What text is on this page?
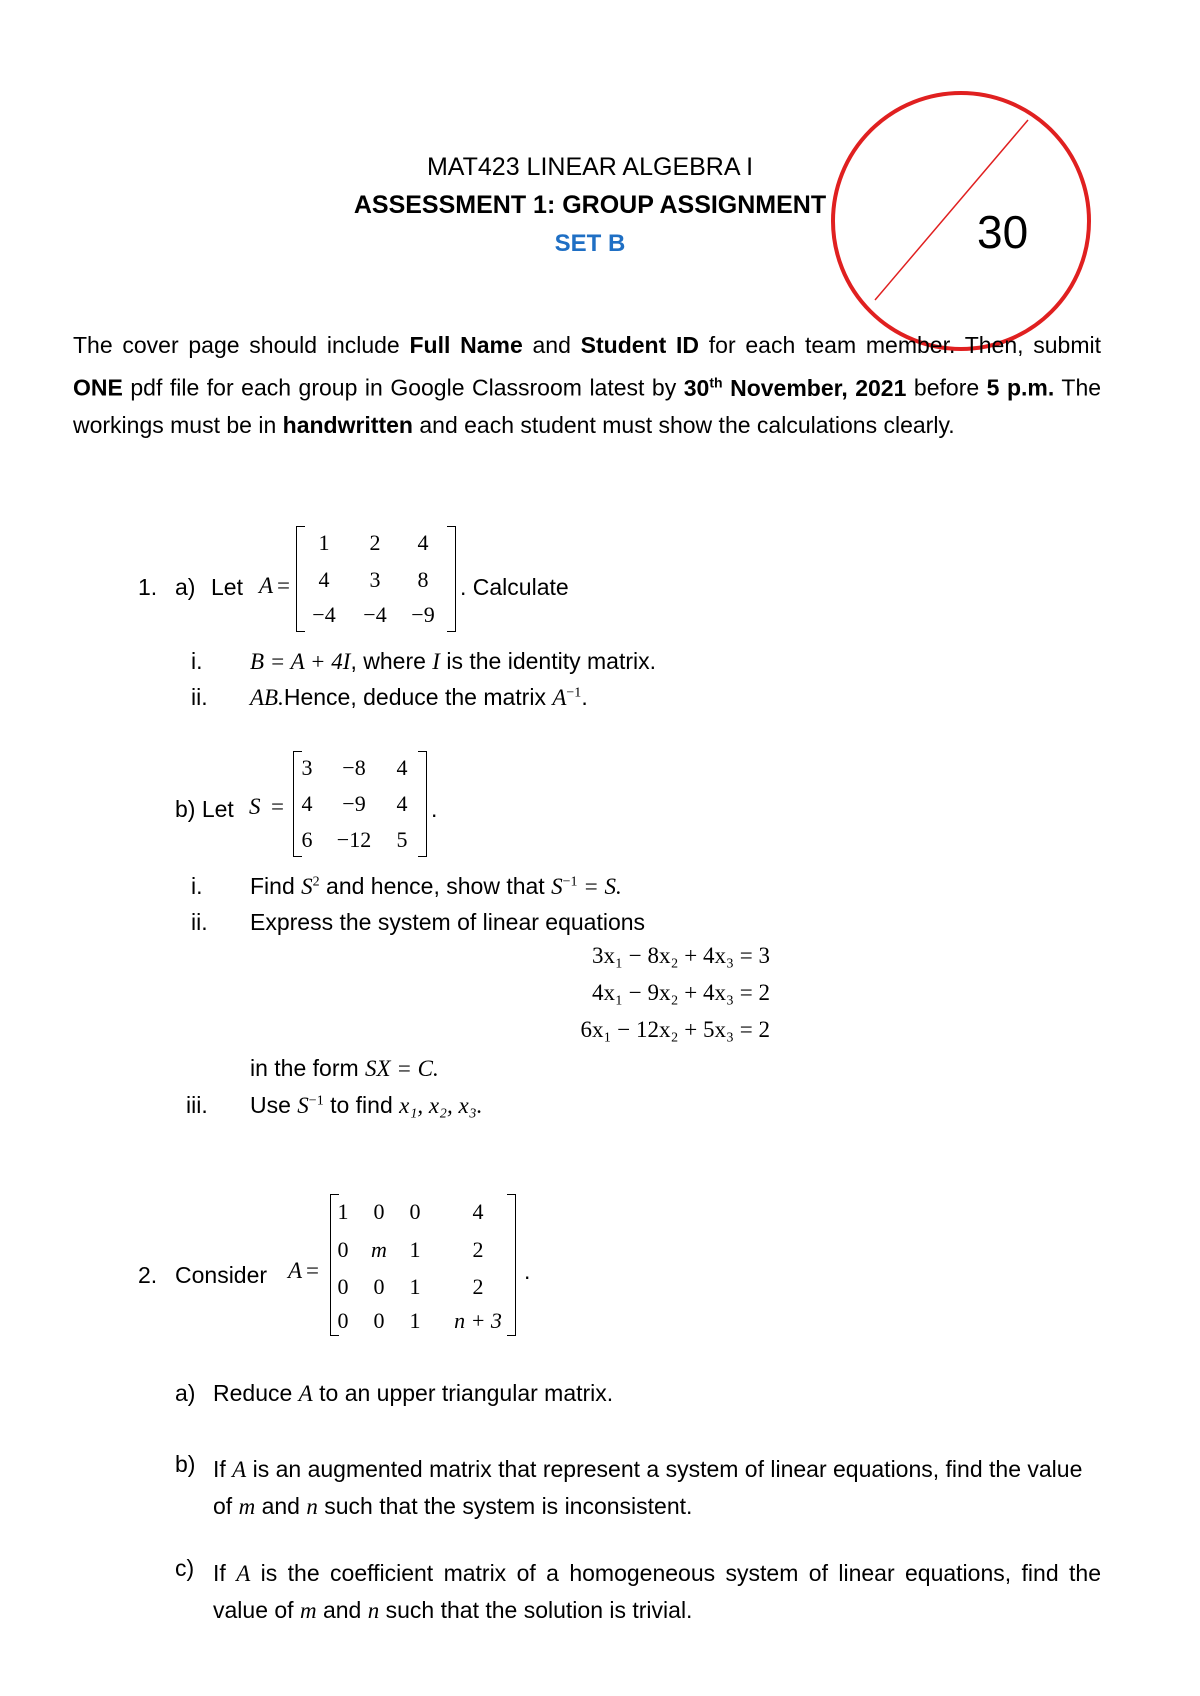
MAT423 LINEAR ALGEBRA I
ASSESSMENT 1: GROUP ASSIGNMENT
SET B	30
The cover page should include Full Name and Student ID for each team member. Then, submit ONE pdf file for each group in Google Classroom latest by 30th November, 2021 before 5 p.m. The workings must be in handwritten and each student must show the calculations clearly.
1. a) Let A =
1	2	4
4	3	8
−4	−4	−9
. Calculate
i. B = A + 4I, where I is the identity matrix.
ii. AB.Hence, deduce the matrix $A^{-1}$.
b) Let S =
3	−8	4
4	−9	4
6	−12	5
.
i. Find $S^2$ and hence, show that $S^{-1} = S$.
ii. Express the system of linear equations
3x₁ − 8x₂ + 4x₃ = 3
4x₁ − 9x₂ + 4x₃ = 2
6x₁ − 12x₂ + 5x₃ = 2
in the form SX = C.
iii. Use $S^{-1}$ to find x₁, x₂, x₃.
2. Consider A =
1	0	0	4
0	m	1	2
0	0	1	2
0	0	1	n + 3
.
a) Reduce A to an upper triangular matrix.
b) If A is an augmented matrix that represent a system of linear equations, find the value of m and n such that the system is inconsistent.
c) If A is the coefficient matrix of a homogeneous system of linear equations, find the value of m and n such that the solution is trivial.
